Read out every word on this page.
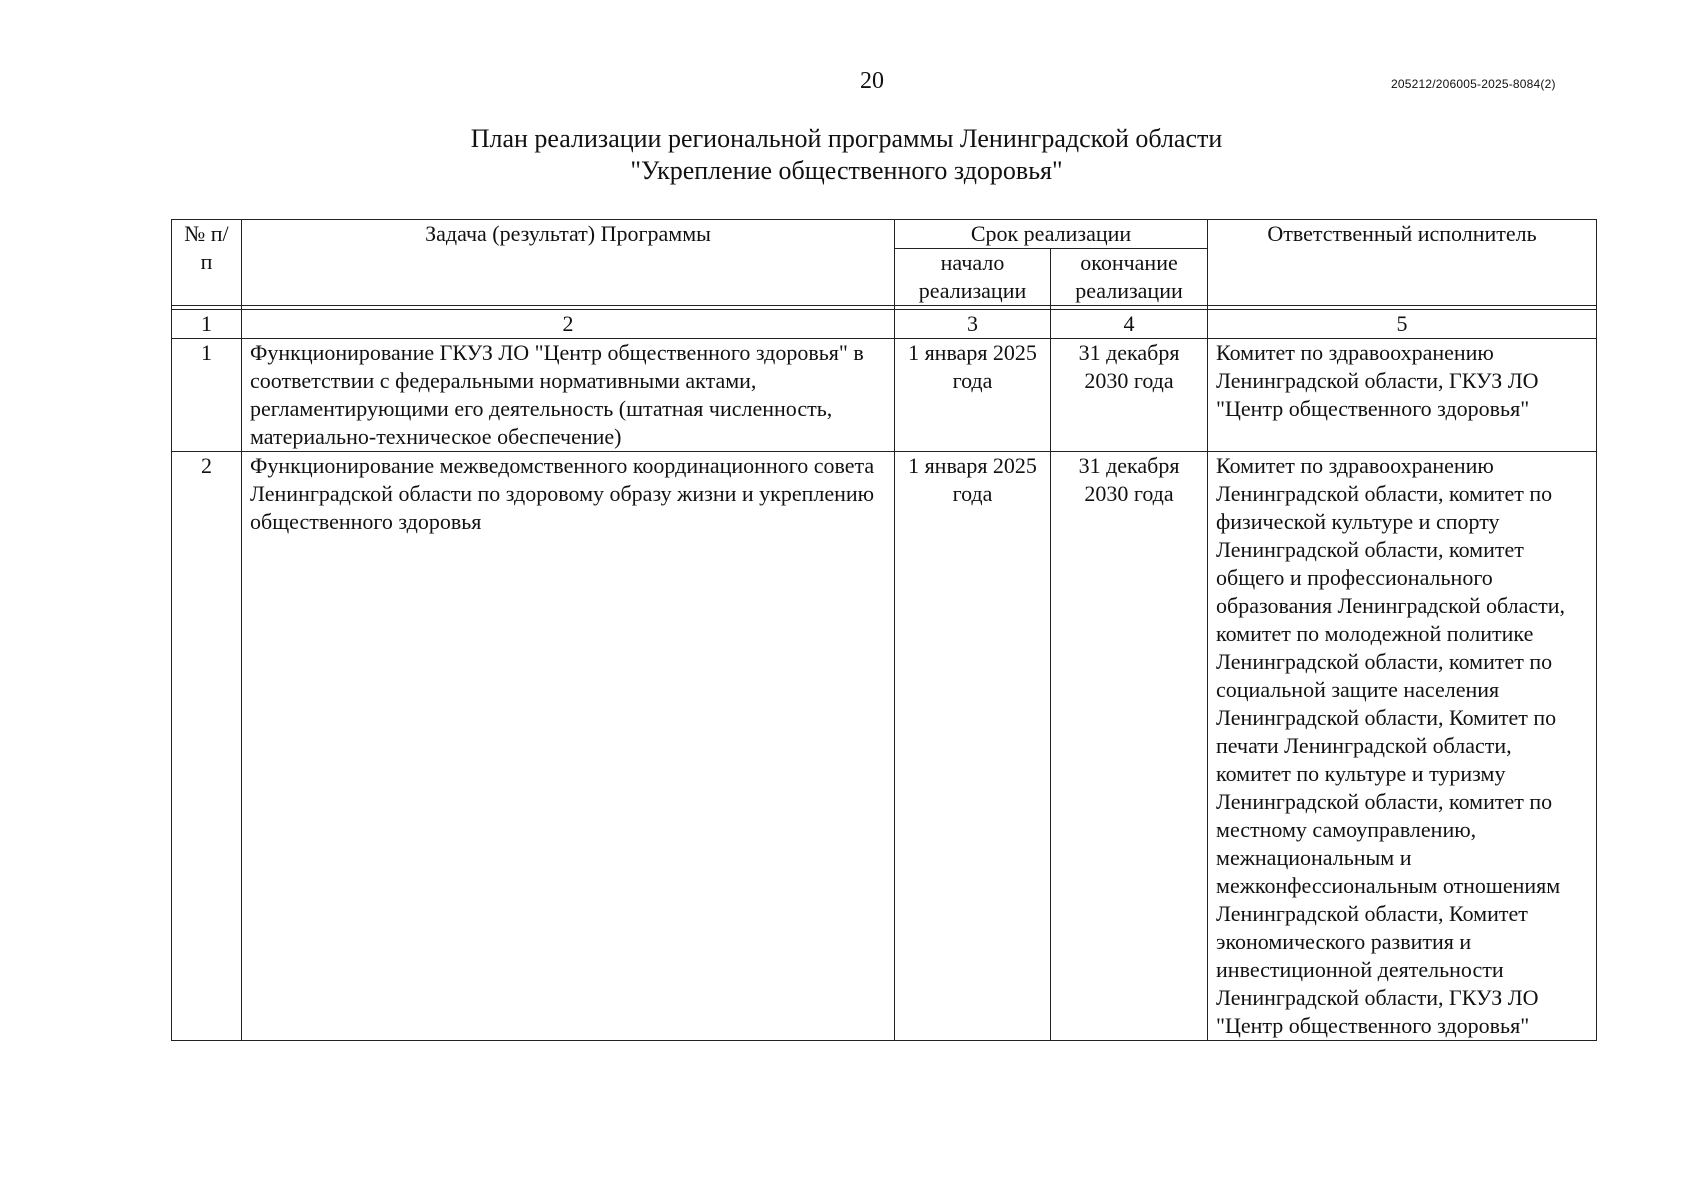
20	205212/206005-2025-8084(2)
План реализации региональной программы Ленинградской области
"Укрепление общественного здоровья"
№ п/п	Задача (результат) Программы	Срок реализации		Ответственный исполнитель
		начало реализации	окончание реализации	

1	2	3	4	5
1	Функционирование ГКУЗ ЛО "Центр общественного здоровья" в соответствии с федеральными нормативными актами, регламентирующими его деятельность (штатная численность, материально-техническое обеспечение)	1 января 2025 года	31 декабря 2030 года	Комитет по здравоохранению Ленинградской области, ГКУЗ ЛО "Центр общественного здоровья"
2	Функционирование межведомственного координационного совета Ленинградской области по здоровому образу жизни и укреплению общественного здоровья	1 января 2025 года	31 декабря 2030 года	Комитет по здравоохранению Ленинградской области, комитет по физической культуре и спорту Ленинградской области, комитет общего и профессионального образования Ленинградской области, комитет по молодежной политике Ленинградской области, комитет по социальной защите населения Ленинградской области, Комитет по печати Ленинградской области, комитет по культуре и туризму Ленинградской области, комитет по местному самоуправлению, межнациональным и межконфессиональным отношениям Ленинградской области, Комитет экономического развития и инвестиционной деятельности Ленинградской области, ГКУЗ ЛО "Центр общественного здоровья"
